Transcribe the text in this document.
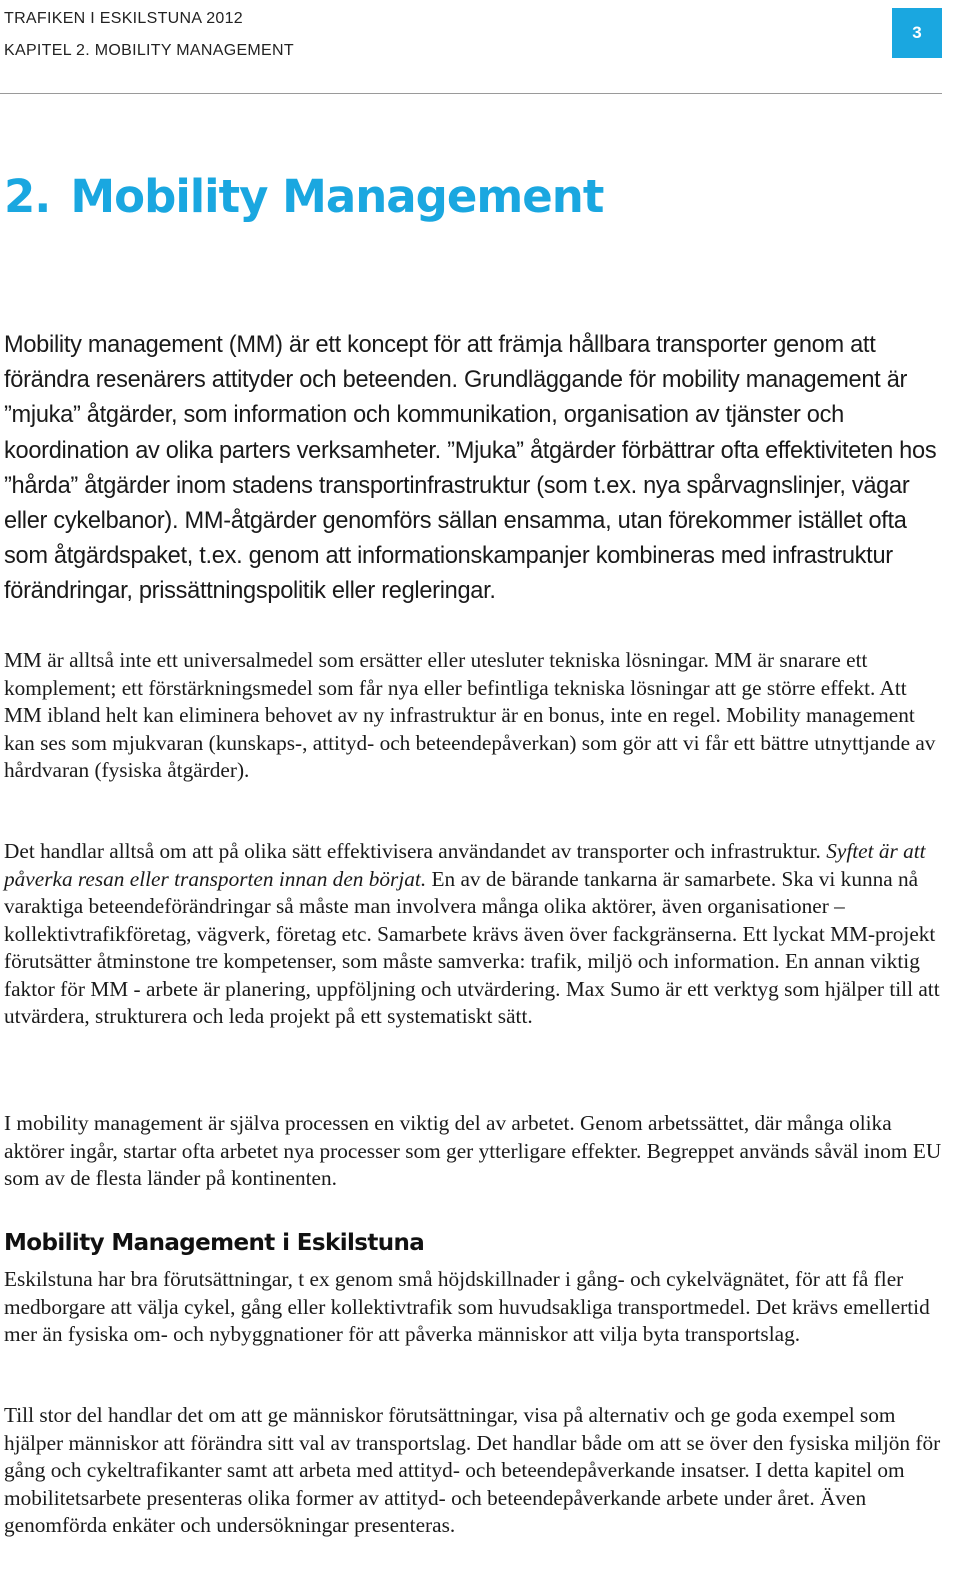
TRAFIKEN I ESKILSTUNA 2012
KAPITEL 2. MOBILITY MANAGEMENT
3
2. Mobility Management

Mobility management (MM) är ett koncept för att främja hållbara transporter genom att förändra resenärers attityder och beteenden. Grundläggande för mobility management är ”mjuka” åtgärder, som information och kommunikation, organisation av tjänster och koordination av olika parters verksamheter. ”Mjuka” åtgärder förbättrar ofta effektiviteten hos ”hårda” åtgärder inom stadens transportinfrastruktur (som t.ex. nya spårvagnslinjer, vägar eller cykelbanor). MM-åtgärder genomförs sällan ensamma, utan förekommer istället ofta som åtgärdspaket, t.ex. genom att informationskampanjer kombineras med infrastruktur förändringar, prissättningspolitik eller regleringar.

MM är alltså inte ett universalmedel som ersätter eller utesluter tekniska lösningar. MM är snarare ett komplement; ett förstärkningsmedel som får nya eller befintliga tekniska lösningar att ge större effekt. Att MM ibland helt kan eliminera behovet av ny infrastruktur är en bonus, inte en regel. Mobility management kan ses som mjukvaran (kunskaps-, attityd- och beteendepåverkan) som gör att vi får ett bättre utnyttjande av hårdvaran (fysiska åtgärder).

Det handlar alltså om att på olika sätt effektivisera användandet av transporter och infrastruktur. Syftet är att påverka resan eller transporten innan den börjat. En av de bärande tankarna är samarbete. Ska vi kunna nå varaktiga beteendeförändringar så måste man involvera många olika aktörer, även organisationer – kollektivtrafikföretag, vägverk, företag etc. Samarbete krävs även över fackgränserna. Ett lyckat MM-projekt förutsätter åtminstone tre kompetenser, som måste samverka: trafik, miljö och information. En annan viktig faktor för MM - arbete är planering, uppföljning och utvärdering. Max Sumo är ett verktyg som hjälper till att utvärdera, strukturera och leda projekt på ett systematiskt sätt.

I mobility management är själva processen en viktig del av arbetet. Genom arbetssättet, där många olika aktörer ingår, startar ofta arbetet nya processer som ger ytterligare effekter. Begreppet används såväl inom EU som av de flesta länder på kontinenten.

Mobility Management i Eskilstuna

Eskilstuna har bra förutsättningar, t ex genom små höjdskillnader i gång- och cykelvägnätet, för att få fler medborgare att välja cykel, gång eller kollektivtrafik som huvudsakliga transportmedel. Det krävs emellertid mer än fysiska om- och nybyggnationer för att påverka människor att vilja byta transportslag.

Till stor del handlar det om att ge människor förutsättningar, visa på alternativ och ge goda exempel som hjälper människor att förändra sitt val av transportslag. Det handlar både om att se över den fysiska miljön för gång och cykeltrafikanter samt att arbeta med attityd- och beteendepåverkande insatser. I detta kapitel om mobilitetsarbete presenteras olika former av attityd- och beteendepåverkande arbete under året. Även genomförda enkäter och undersökningar presenteras.
